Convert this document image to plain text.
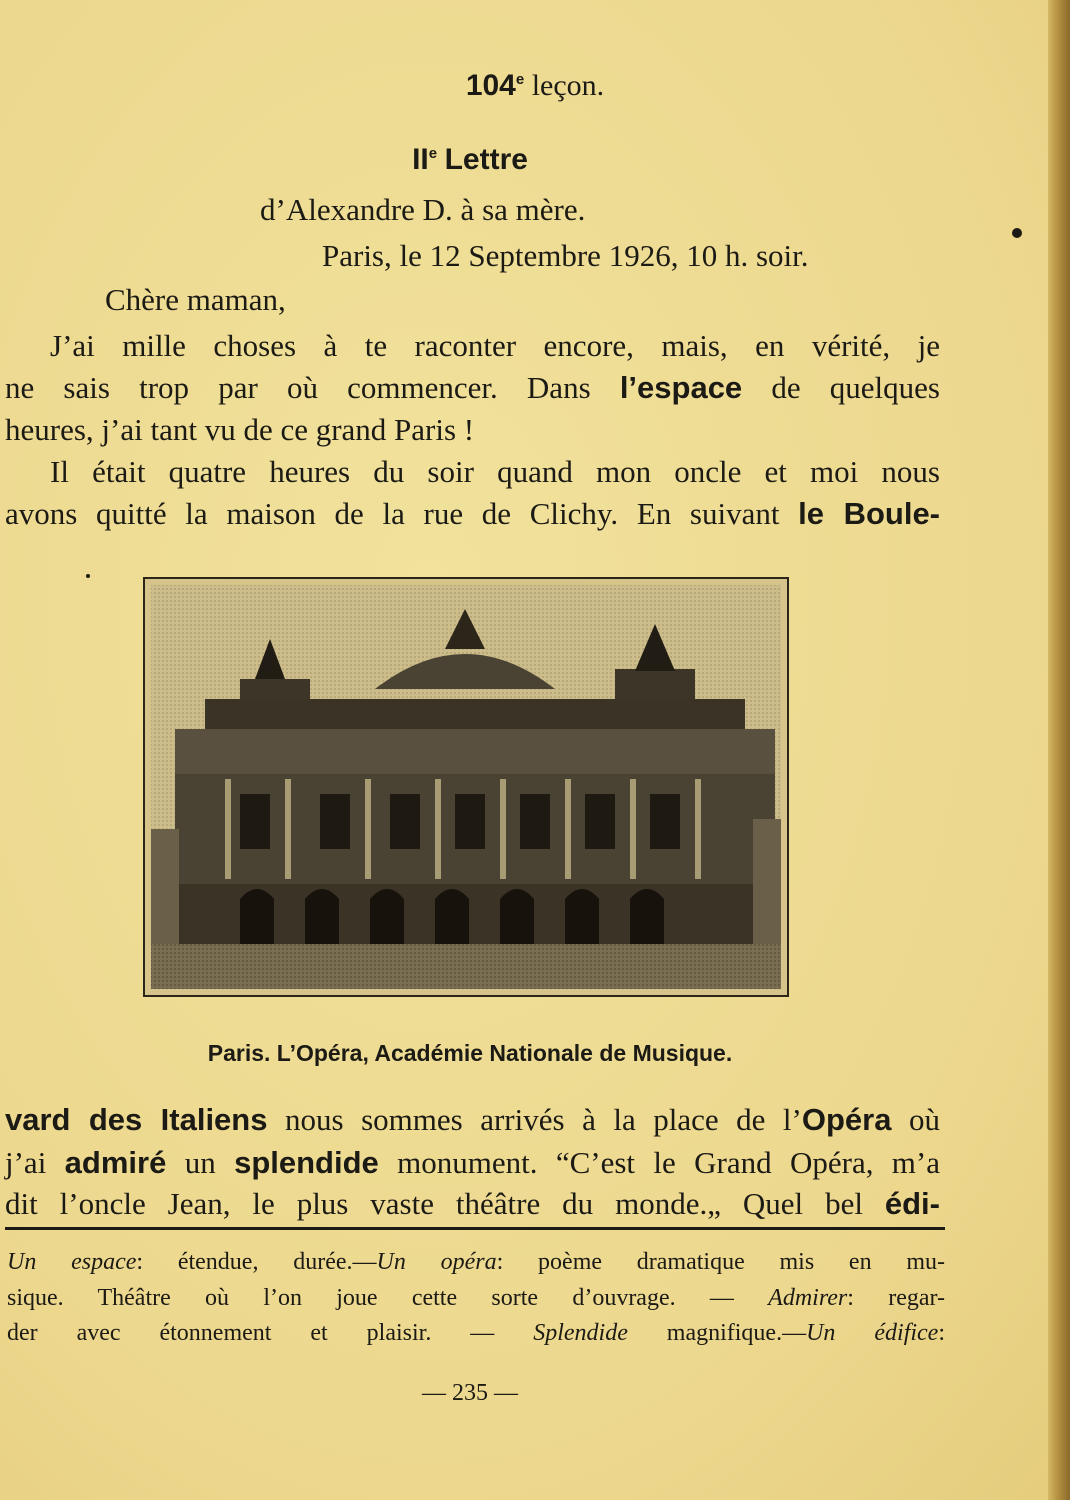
104e leçon.
IIe Lettre
d’Alexandre D. à sa mère.
Paris, le 12 Septembre 1926, 10 h. soir.
Chère maman,
J’ai mille choses à te raconter encore, mais, en vérité, je
ne sais trop par où commencer. Dans l’espace de quelques
heures, j’ai tant vu de ce grand Paris !
Il était quatre heures du soir quand mon oncle et moi nous
avons quitté la maison de la rue de Clichy. En suivant le Boule-
Paris. L’Opéra, Académie Nationale de Musique.
vard des Italiens nous sommes arrivés à la place de l’Opéra où
j’ai admiré un splendide monument. “C’est le Grand Opéra, m’a
dit l’oncle Jean, le plus vaste théâtre du monde.„ Quel bel édi-
Un espace: étendue, durée.—Un opéra: poème dramatique mis en mu-
sique. Théâtre où l’on joue cette sorte d’ouvrage. — Admirer: regar-
der avec étonnement et plaisir. — Splendide magnifique.—Un édifice:
— 235 —
